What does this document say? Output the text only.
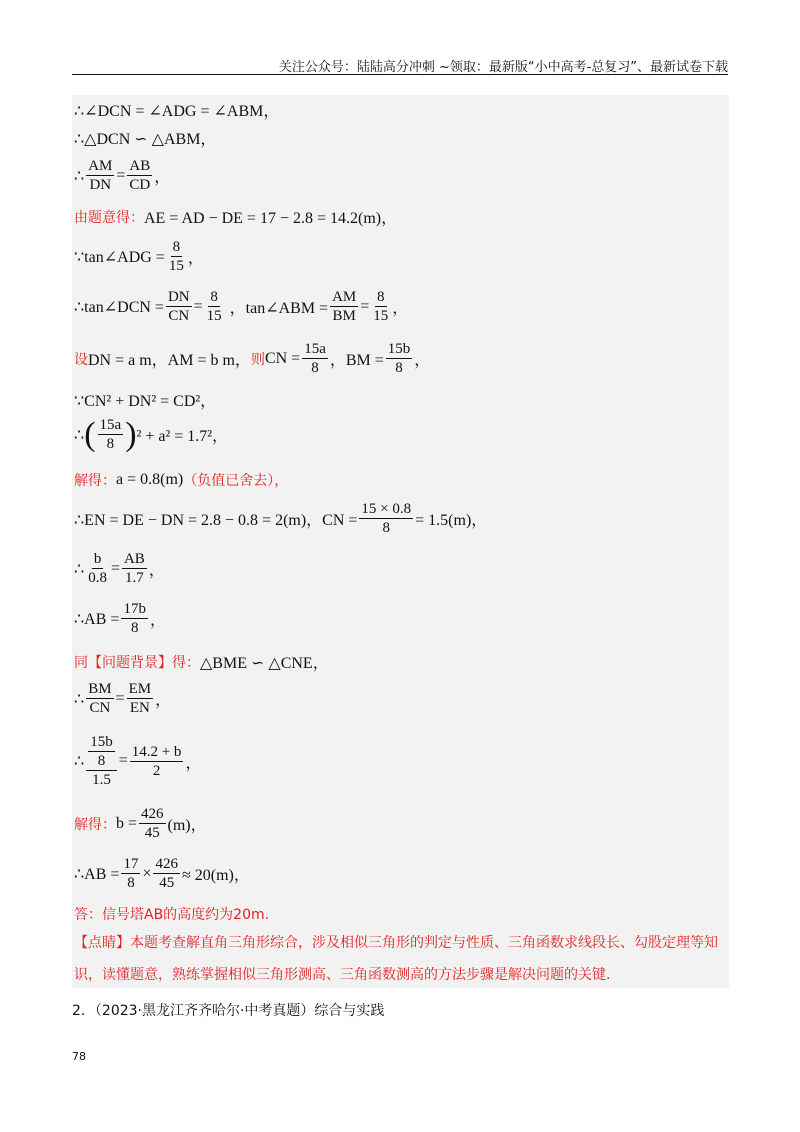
关注公众号：陆陆高分冲刺 ~领取：最新版“小中高考-总复习”、最新试卷下载
∴∠DCN = ∠ADG = ∠ABM，
∴△DCN ∽ △ABM，
∴ $\frac{AM}{DN} = \frac{AB}{CD}$ ，
由题意得： AE = AD − DE = 17 − 2.8 = 14.2(m)，
∵tan∠ADG = $\frac{8}{15}$ ，
∴tan∠DCN = $\frac{DN}{CN} = \frac{8}{15}$ ，tan∠ABM = $\frac{AM}{BM} = \frac{8}{15}$ ，
设 DN = a m，AM = b m， 则 CN = $\frac{15a}{8}$ ，BM = $\frac{15b}{8}$ ，
∵CN² + DN² = CD²，
∴ ( $\frac{15a}{8}$ ) ² + a² = 1.7²，
解得： a = 0.8(m) （负值已舍去），
∴EN = DE − DN = 2.8 − 0.8 = 2(m)，CN = $\frac{15 \times 0.8}{8} = 1.5(m)$，
∴ $\frac{b}{0.8} = \frac{AB}{1.7}$ ，
∴AB = $\frac{17b}{8}$ ，
同【问题背景】得： △BME ∽ △CNE，
∴ $\frac{BM}{CN} = \frac{EM}{EN}$ ，
∴ $\frac{\frac{15b}{8}}{1.5} = \frac{14.2 + b}{2}$ ，
解得： $b = \frac{426}{45} (m)$，
∴AB = $\frac{17}{8} \times \frac{426}{45} \approx 20(m)$，
答：信号塔AB的高度约为20m.
【点睛】本题考查解直角三角形综合，涉及相似三角形的判定与性质、三角函数求线段长、勾股定理等知识，读懂题意，熟练掌握相似三角形测高、三角函数测高的方法步骤是解决问题的关键.
2．（2023·黑龙江齐齐哈尔·中考真题）综合与实践
78
